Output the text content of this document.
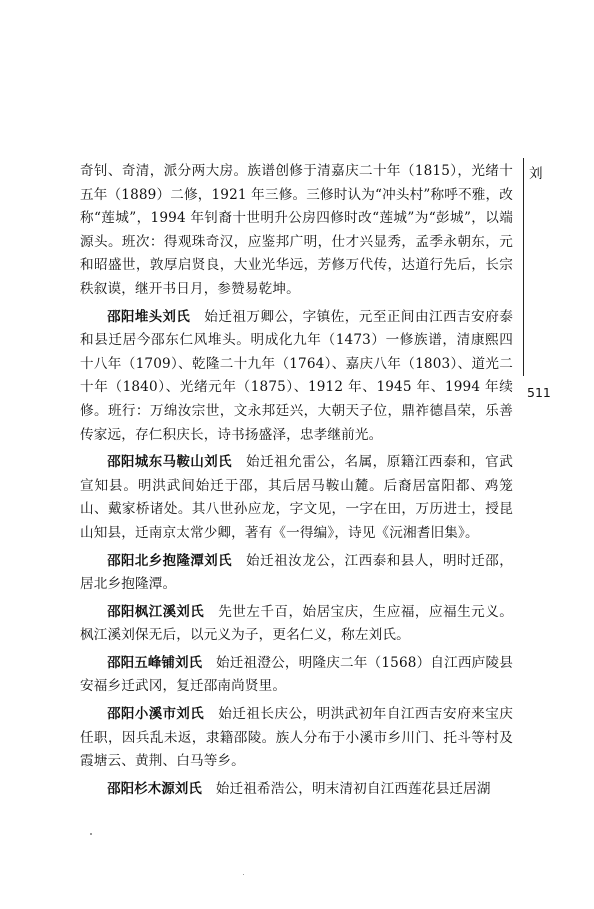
刘
511

奇钊、奇清，派分两大房。族谱创修于清嘉庆二十年（1815），光绪十五年（1889）二修，1921 年三修。三修时认为“冲头村”称呼不雅，改称“莲城”，1994 年钊裔十世明升公房四修时改“莲城”为“彭城”，以端源头。班次：得观珠奇汉，应鉴邦广明，仕才兴显秀，孟季永朝东，元和昭盛世，敦厚启贤良，大业光华远，芳修万代传，达道行先后，长宗秩叙谟，继开书日月，参赞易乾坤。

邵阳堆头刘氏　 始迁祖万卿公，字镇佐，元至正间由江西吉安府泰和县迁居今邵东仁风堆头。明成化九年（1473）一修族谱，清康熙四十八年（1709）、乾隆二十九年（1764）、嘉庆八年（1803）、道光二十年（1840）、光绪元年（1875）、1912 年、1945 年、1994 年续修。班行：万绵汝宗世，文永邦廷兴，大朝天子位，鼎祚德昌荣，乐善传家远，存仁积庆长，诗书扬盛泽，忠孝继前光。

邵阳城东马鞍山刘氏　 始迁祖允雷公，名属，原籍江西泰和，官武宣知县。明洪武间始迁于邵，其后居马鞍山麓。后裔居富阳都、鸡笼山、戴家桥诸处。其八世孙应龙，字文见，一字在田，万历进士，授昆山知县，迁南京太常少卿，著有《一得编》，诗见《沅湘耆旧集》。

邵阳北乡抱隆潭刘氏　 始迁祖汝龙公，江西泰和县人，明时迁邵，居北乡抱隆潭。

邵阳枫江溪刘氏　 先世左千百，始居宝庆，生应福，应福生元义。枫江溪刘保无后，以元义为子，更名仁义，称左刘氏。

邵阳五峰铺刘氏　 始迁祖澄公，明隆庆二年（1568）自江西庐陵县安福乡迁武冈，复迁邵南尚贤里。

邵阳小溪市刘氏　 始迁祖长庆公，明洪武初年自江西吉安府来宝庆任职，因兵乱未返，隶籍邵陵。族人分布于小溪市乡川门、托斗等村及霞塘云、黄荆、白马等乡。

邵阳杉木源刘氏　 始迁祖希浩公，明末清初自江西莲花县迁居湖
